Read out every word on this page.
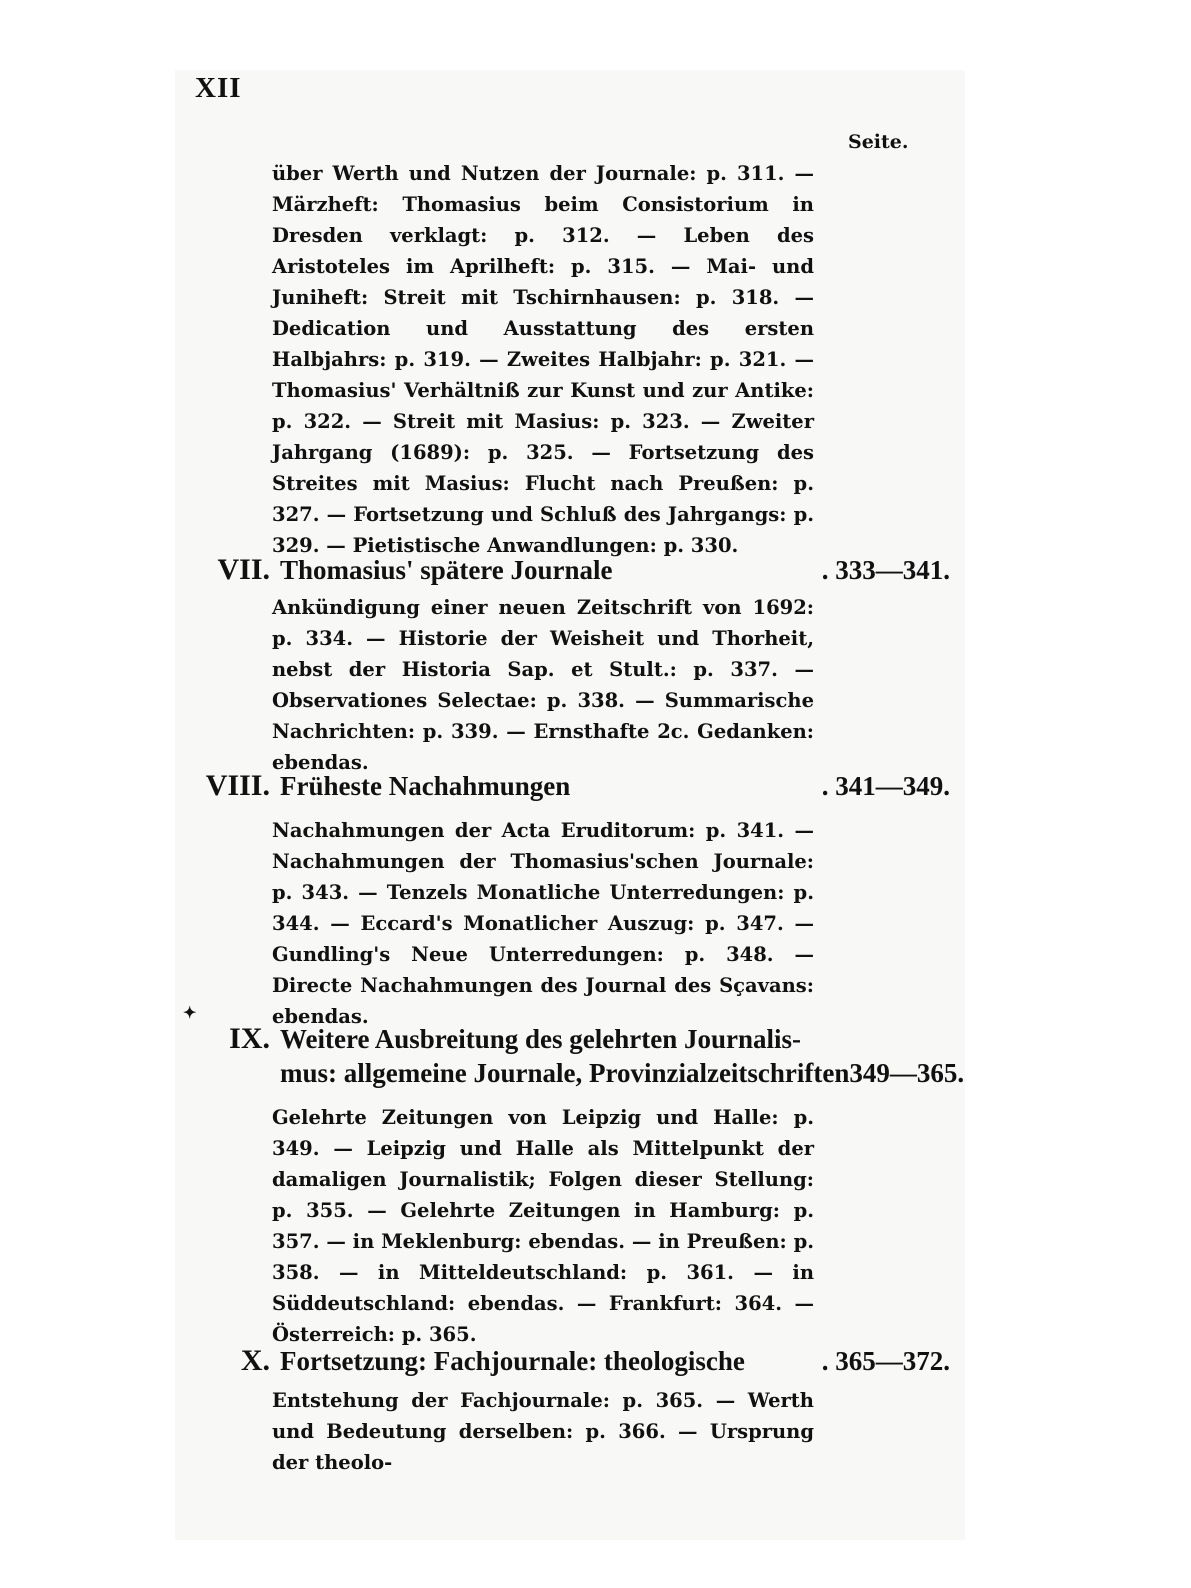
XII
Seite.

über Werth und Nutzen der Journale: p. 311. — Märzheft: Thomasius beim Consistorium in Dresden verklagt: p. 312. — Leben des Aristoteles im Aprilheft: p. 315. — Mai- und Juniheft: Streit mit Tschirnhausen: p. 318. — Dedication und Ausstattung des ersten Halbjahrs: p. 319. — Zweites Halbjahr: p. 321. — Thomasius' Verhältniß zur Kunst und zur Antike: p. 322. — Streit mit Masius: p. 323. — Zweiter Jahrgang (1689): p. 325. — Fortsetzung des Streites mit Masius: Flucht nach Preußen: p. 327. — Fortsetzung und Schluß des Jahrgangs: p. 329. — Pietistische Anwandlungen: p. 330.

VII. Thomasius' spätere Journale	. 333—341.

Ankündigung einer neuen Zeitschrift von 1692: p. 334. — Historie der Weisheit und Thorheit, nebst der Historia Sap. et Stult.: p. 337. — Observationes Selectae: p. 338. — Summarische Nachrichten: p. 339. — Ernsthafte 2c. Gedanken: ebendas.

VIII. Früheste Nachahmungen	. 341—349.

Nachahmungen der Acta Eruditorum: p. 341. — Nachahmungen der Thomasius'schen Journale: p. 343. — Tenzels Monatliche Unterredungen: p. 344. — Eccard's Monatlicher Auszug: p. 347. — Gundling's Neue Unterredungen: p. 348. — Directe Nachahmungen des Journal des Sçavans: ebendas.

✦
IX. Weitere Ausbreitung des gelehrten Journalis-
mus: allgemeine Journale, Provinzialzeitschriften 349—365.

Gelehrte Zeitungen von Leipzig und Halle: p. 349. — Leipzig und Halle als Mittelpunkt der damaligen Journalistik; Folgen dieser Stellung: p. 355. — Gelehrte Zeitungen in Hamburg: p. 357. — in Meklenburg: ebendas. — in Preußen: p. 358. — in Mitteldeutschland: p. 361. — in Süddeutschland: ebendas. — Frankfurt: 364. — Österreich: p. 365.

X. Fortsetzung: Fachjournale: theologische	. 365—372.

Entstehung der Fachjournale: p. 365. — Werth und Bedeutung derselben: p. 366. — Ursprung der theolo-
